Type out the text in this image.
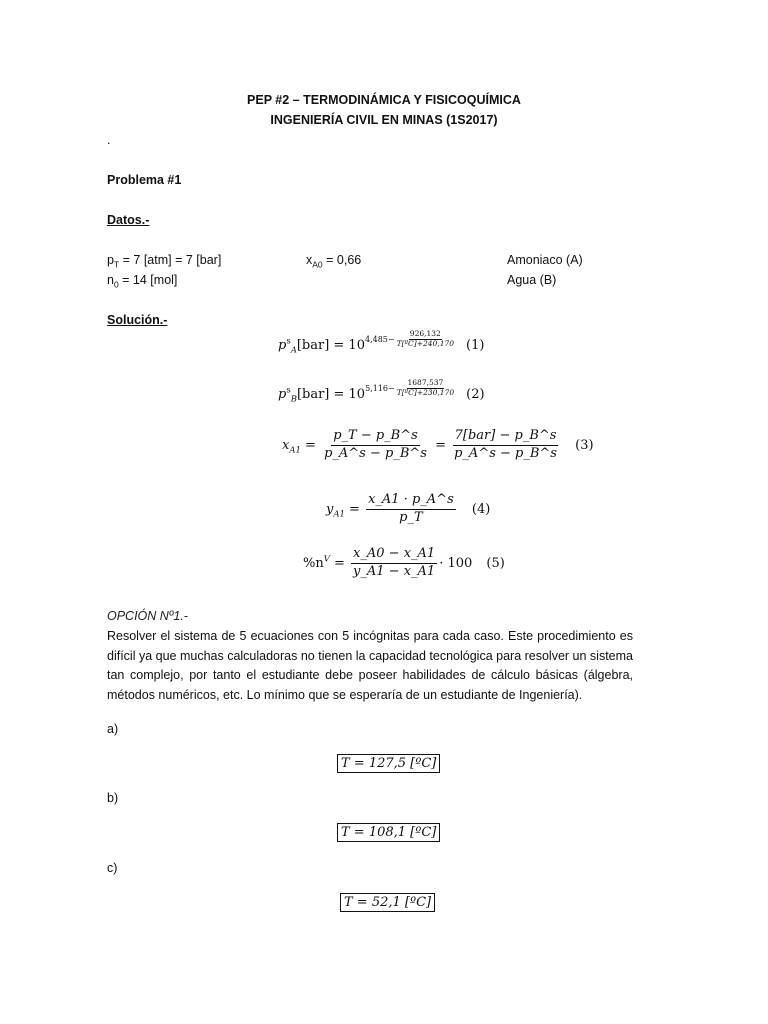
PEP #2 – TERMODINÁMICA Y FISICOQUÍMICA
INGENIERÍA CIVIL EN MINAS (1S2017)
.
Problema #1
Datos.-
$p_T = 7$ [atm] = 7 [bar]
$n_0 = 14$ [mol]
$x_{A0} = 0,66$	Amoniaco (A)
Agua (B)
Solución.-
$p^s_A[bar] = 10$ $4,485- \frac{926,132}{\text{T[ºC]+240,170}} (1)$
$p^s_B[bar] = 10$ $5,116- \frac{1687,537}{\text{T[ºC]+230,170}} (2)$
$x_{A1} = \frac{p\_T - p\_B\^{}s}{p\_A\^{}s - p\_B\^{}s} = \frac{\text{7[bar] − p\_B\textasciicircum{}s}}{p\_A\^{}s - p\_B\^{}s} (3)$
$y_{A1} = \frac{x\_A1 \cdot p\_A\^{}s}{p\_T} (4)$
$\%n^V = \frac{x\_A0 - x\_A1}{y\_A1 - x\_A1} \cdot 100$ (5)
OPCIÓN Nº1.-
Resolver el sistema de 5 ecuaciones con 5 incógnitas para cada caso. Este procedimiento es difícil ya que muchas calculadoras no tienen la capacidad tecnológica para resolver un sistema tan complejo, por tanto el estudiante debe poseer habilidades de cálculo básicas (álgebra, métodos numéricos, etc. Lo mínimo que se esperaría de un estudiante de Ingeniería).
a)
T = 127,5 [ºC]
b)
T = 108,1 [ºC]
c)
T = 52,1 [ºC]
